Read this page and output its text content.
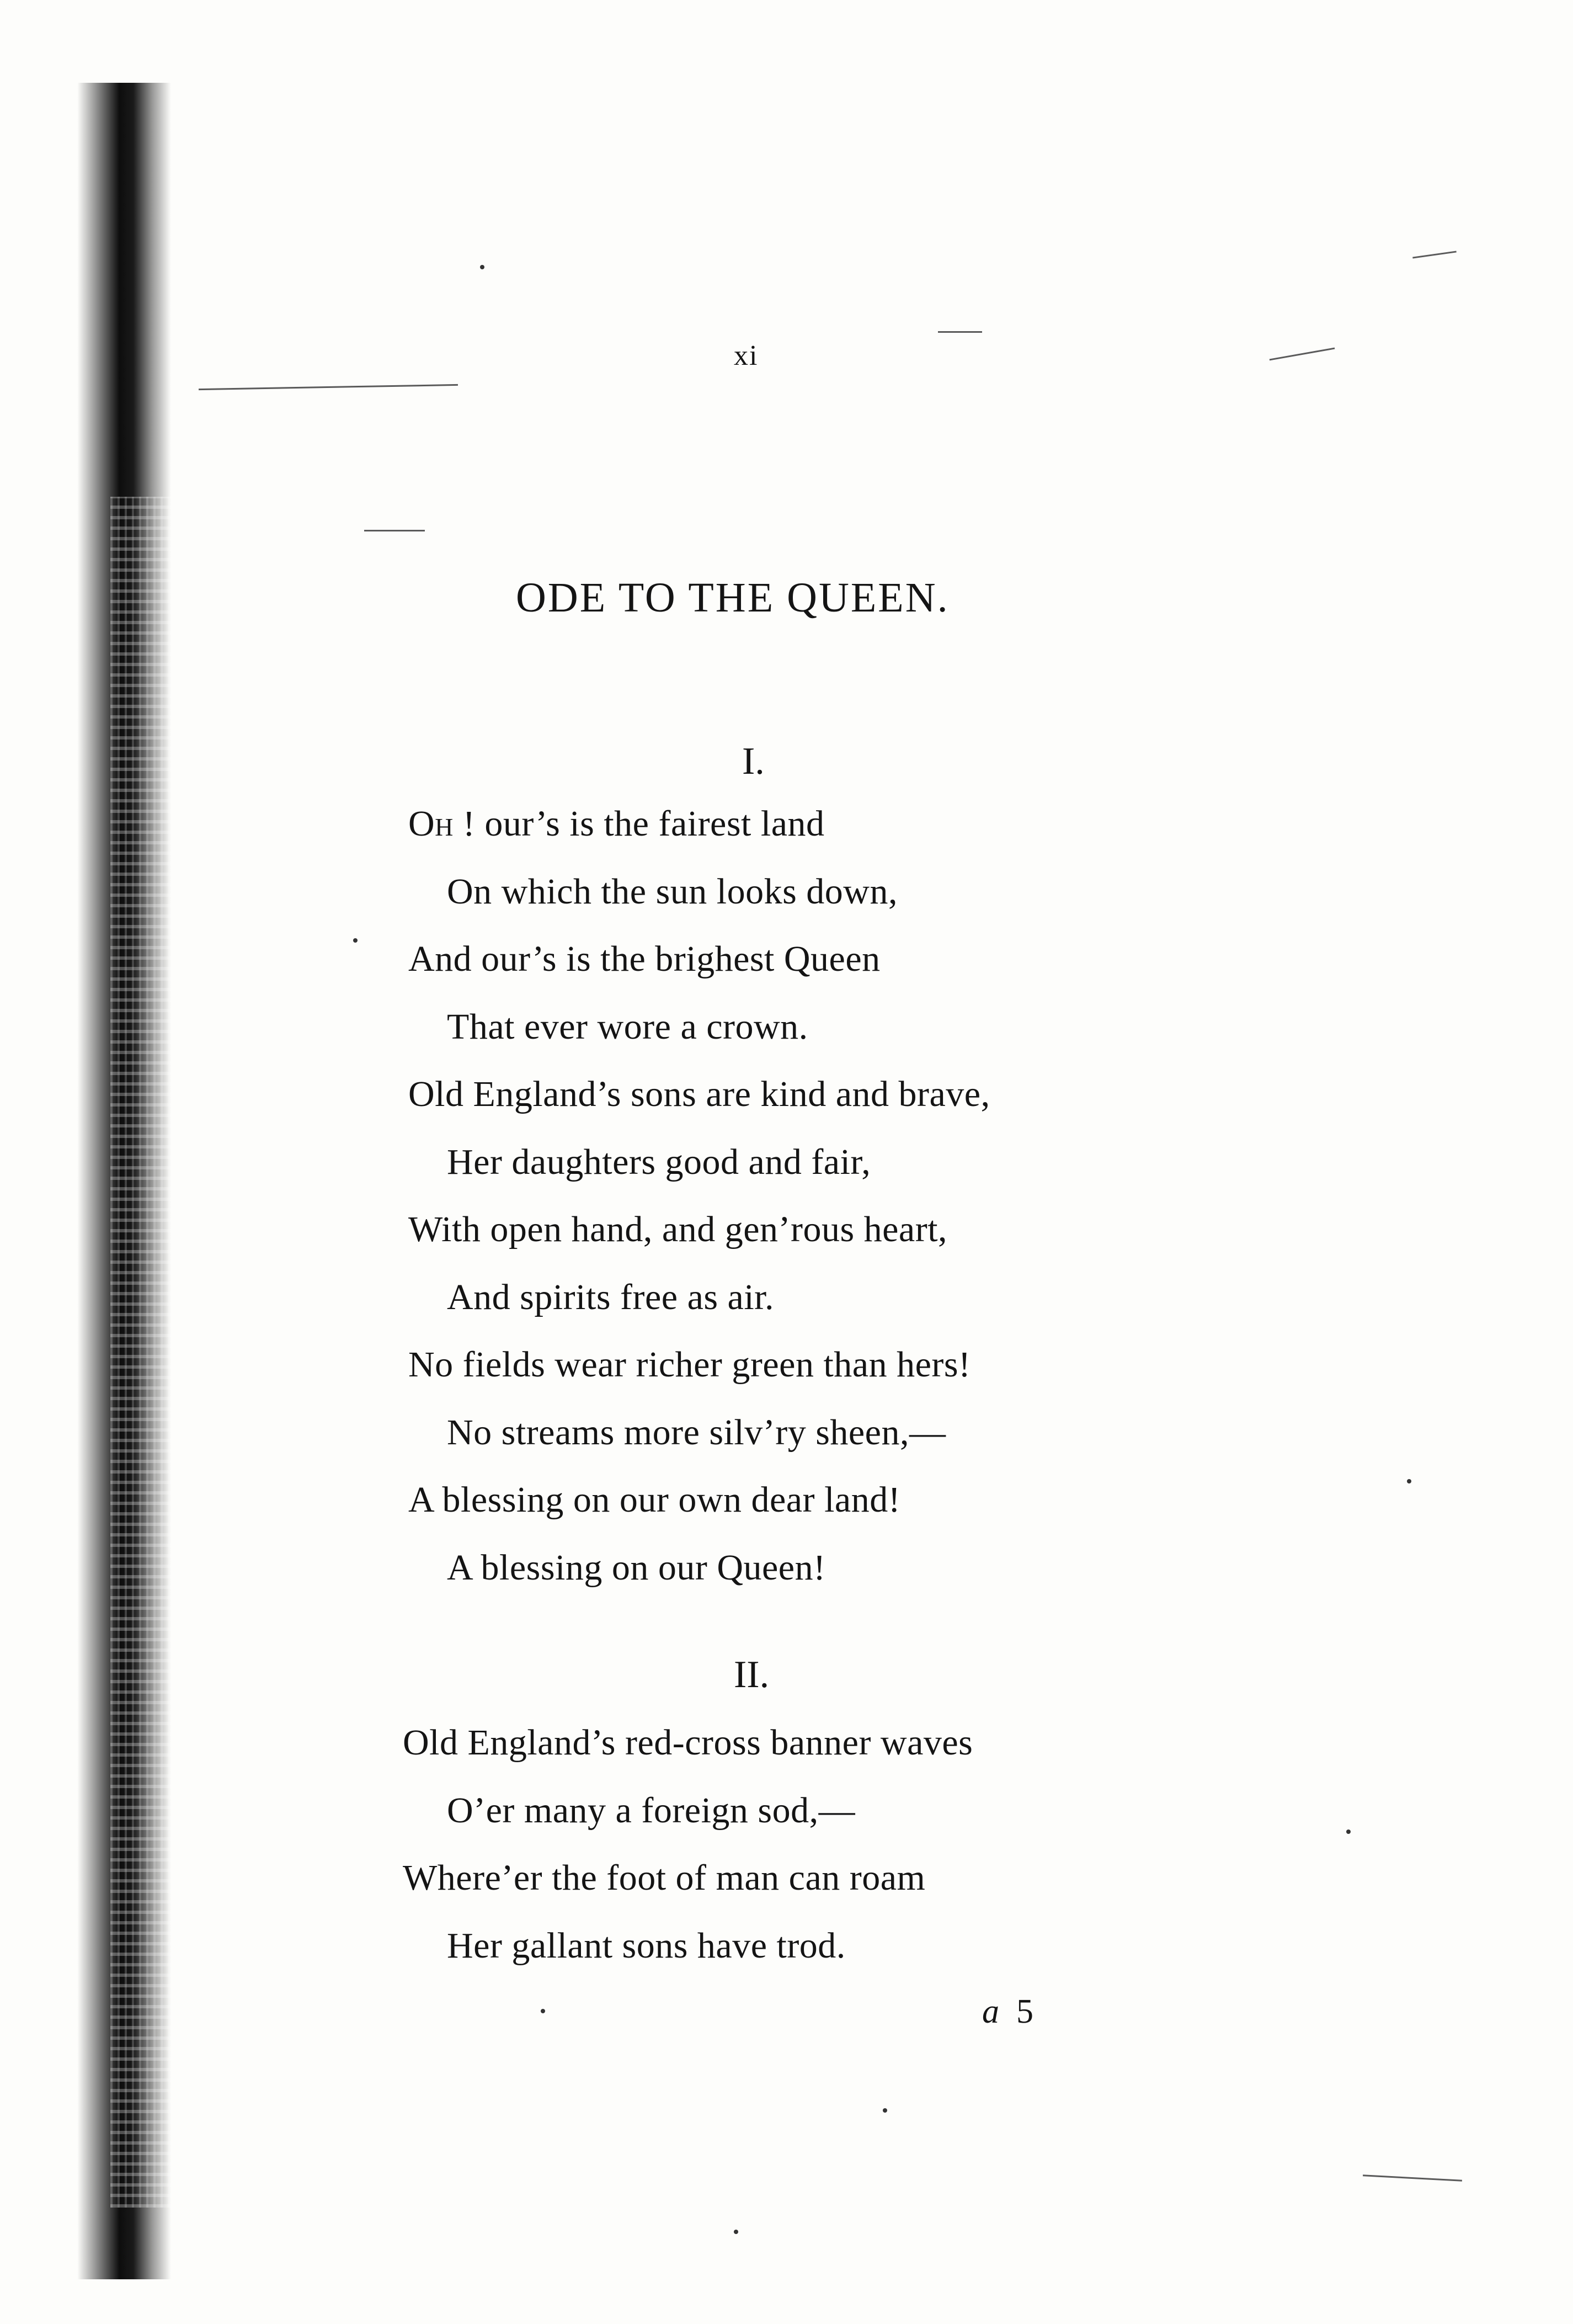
xi
ODE TO THE QUEEN.
I.
Oh ! our’s is the fairest land
On which the sun looks down,
And our’s is the brighest Queen
That ever wore a crown.
Old England’s sons are kind and brave,
Her daughters good and fair,
With open hand, and gen’rous heart,
And spirits free as air.
No fields wear richer green than hers!
No streams more silv’ry sheen,—
A blessing on our own dear land!
A blessing on our Queen!
II.
Old England’s red-cross banner waves
O’er many a foreign sod,—
Where’er the foot of man can roam
Her gallant sons have trod.
a 5
